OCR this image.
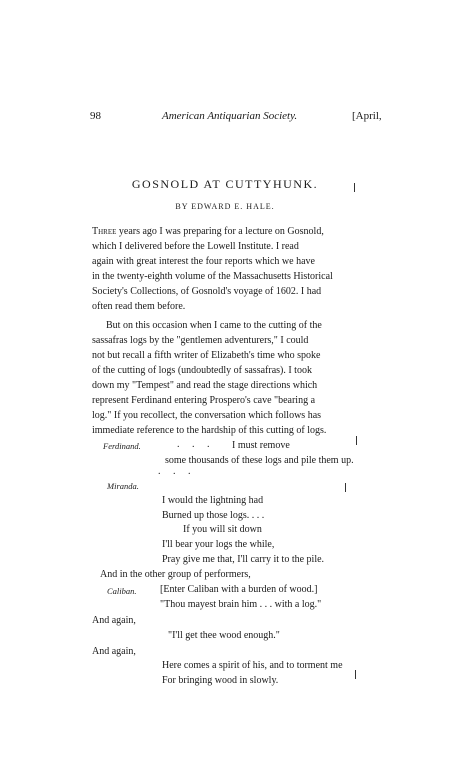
98	American Antiquarian Society.	[April,
GOSNOLD AT CUTTYHUNK.
BY EDWARD E. HALE.
Three years ago I was preparing for a lecture on Gosnold,
which I delivered before the Lowell Institute. I read
again with great interest the four reports which we have
in the twenty-eighth volume of the Massachusetts Historical
Society's Collections, of Gosnold's voyage of 1602. I had
often read them before.
But on this occasion when I came to the cutting of the
sassafras logs by the "gentlemen adventurers," I could
not but recall a fifth writer of Elizabeth's time who spoke
of the cutting of logs (undoubtedly of sassafras). I took
down my "Tempest" and read the stage directions which
represent Ferdinand entering Prospero's cave "bearing a
log." If you recollect, the conversation which follows has
immediate reference to the hardship of this cutting of logs.
Ferdinand.	. . . I must remove
some thousands of these logs and pile them up.
. . .
Miranda.
I would the lightning had
Burned up those logs. . . .
If you will sit down
I'll bear your logs the while,
Pray give me that, I'll carry it to the pile.
And in the other group of performers,
Caliban. [Enter Caliban with a burden of wood.]
"Thou mayest brain him . . . with a log."
And again,
"I'll get thee wood enough."
And again,
Here comes a spirit of his, and to torment me
For bringing wood in slowly.
